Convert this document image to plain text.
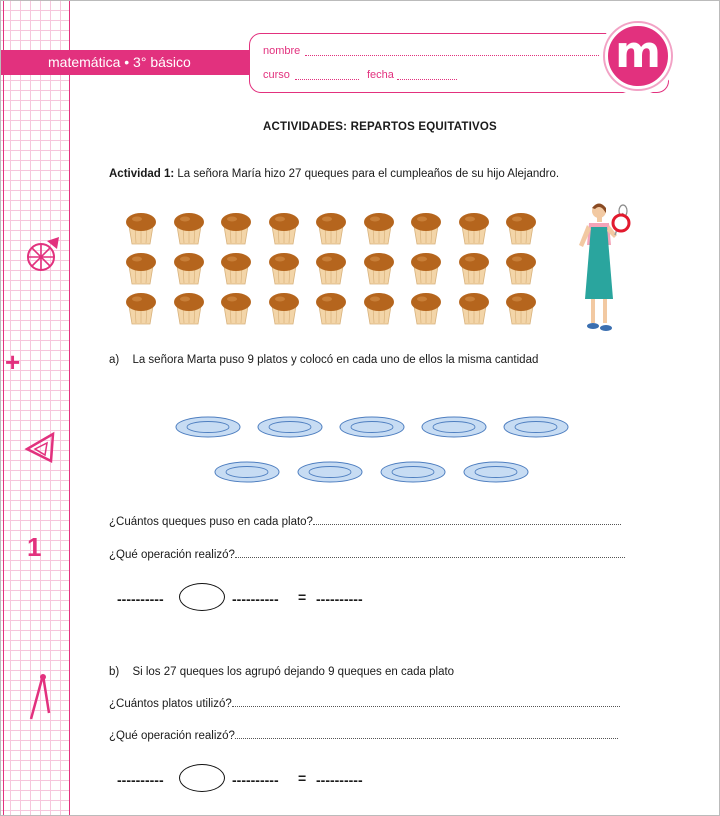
+
1
matemática • 3° básico
nombre
curso	fecha	m
ACTIVIDADES: REPARTOS EQUITATIVOS
Actividad 1: La señora María hizo 27 queques para el cumpleaños de su hijo Alejandro.
a) La señora Marta puso 9 platos y colocó en cada uno de ellos la misma cantidad
¿Cuántos queques puso en cada plato?
¿Qué operación realizó?
----------	---------- = ----------
b) Si los 27 queques los agrupó dejando 9 queques en cada plato
¿Cuántos platos utilizó?
¿Qué operación realizó?
----------	---------- = ----------
